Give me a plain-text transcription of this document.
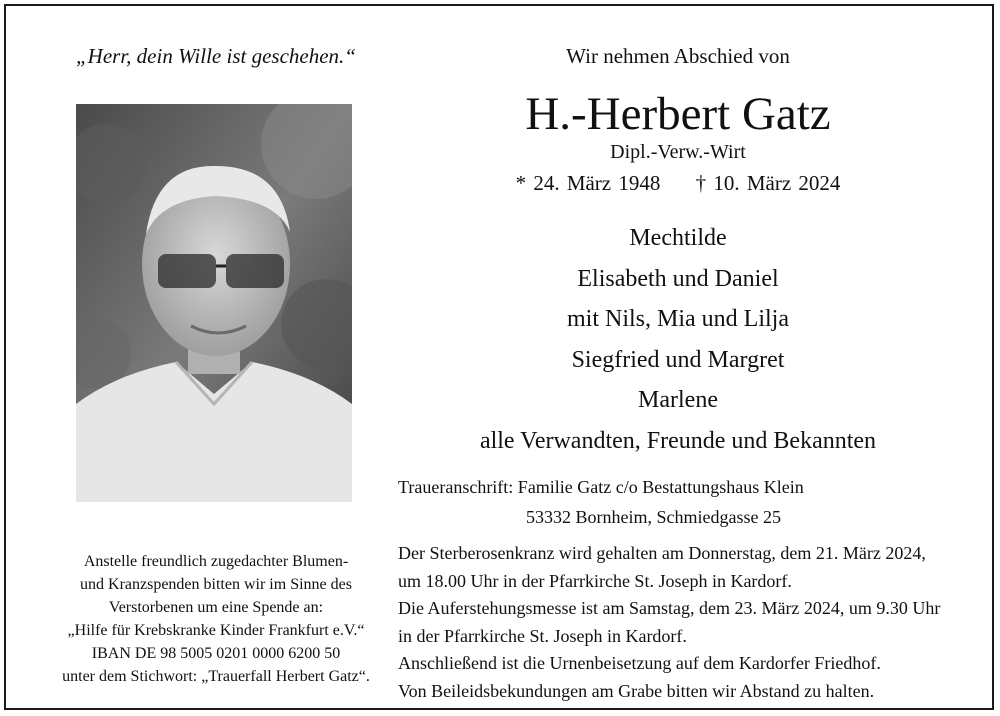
„Herr, dein Wille ist geschehen.“
Anstelle freundlich zugedachter Blumen-
und Kranzspenden bitten wir im Sinne des
Verstorbenen um eine Spende an:
„Hilfe für Krebskranke Kinder Frankfurt e.V.“
IBAN DE 98 5005 0201 0000 6200 50
unter dem Stichwort: „Trauerfall Herbert Gatz“.
Wir nehmen Abschied von
H.-Herbert Gatz
Dipl.-Verw.-Wirt
* 24. März 1948 † 10. März 2024
Mechtilde
Elisabeth und Daniel
mit Nils, Mia und Lilja
Siegfried und Margret
Marlene
alle Verwandten, Freunde und Bekannten
Traueranschrift: Familie Gatz c/o Bestattungshaus Klein
53332 Bornheim, Schmiedgasse 25
Der Sterberosenkranz wird gehalten am Donnerstag, dem 21. März 2024,
um 18.00 Uhr in der Pfarrkirche St. Joseph in Kardorf.
Die Auferstehungsmesse ist am Samstag, dem 23. März 2024, um 9.30 Uhr
in der Pfarrkirche St. Joseph in Kardorf.
Anschließend ist die Urnenbeisetzung auf dem Kardorfer Friedhof.
Von Beileidsbekundungen am Grabe bitten wir Abstand zu halten.
